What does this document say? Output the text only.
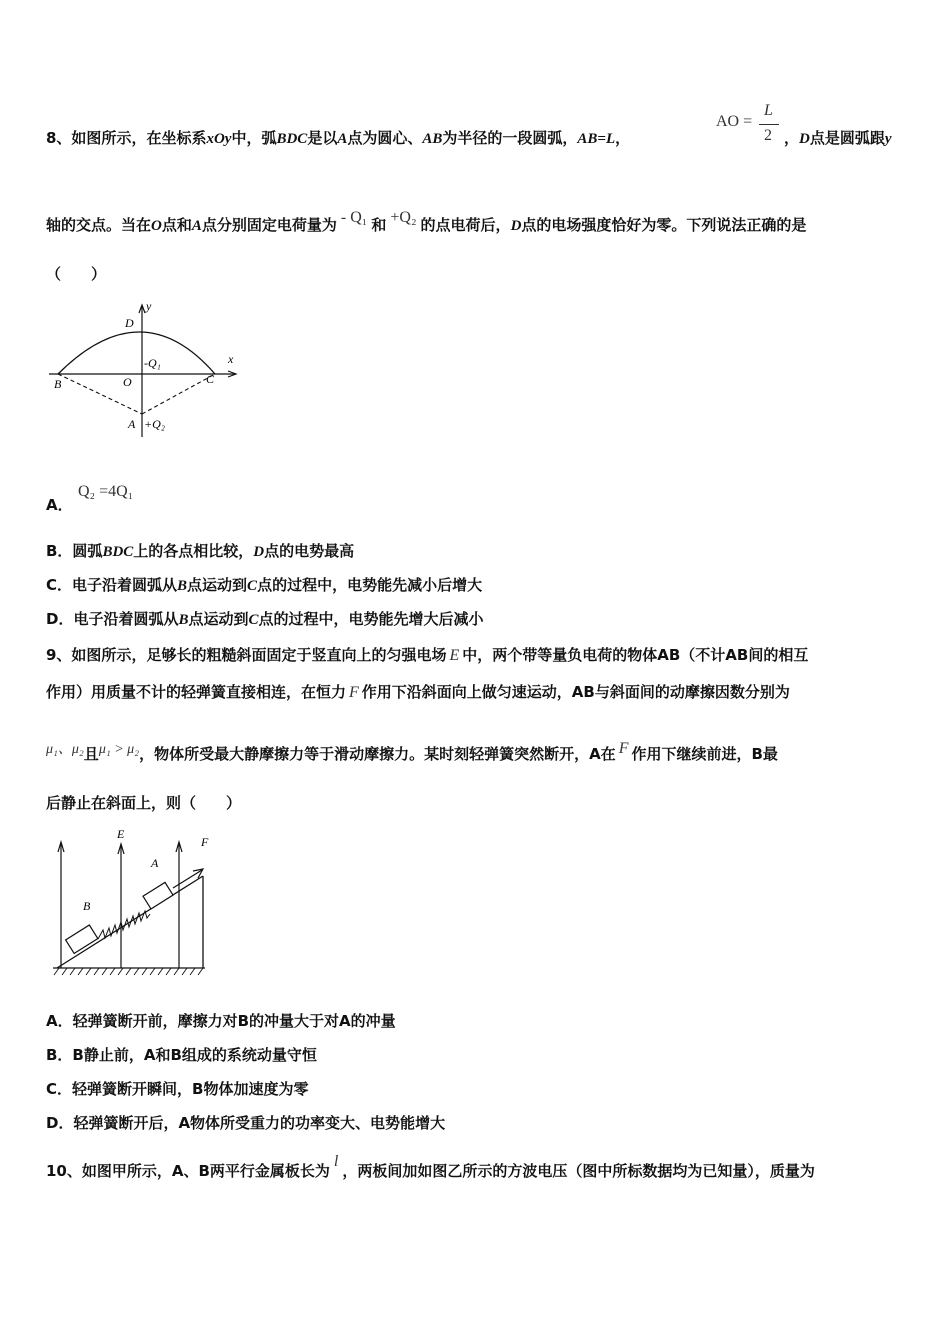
8、如图所示，在坐标系xOy中，弧BDC是以A点为圆心、AB为半径的一段圆弧，AB=L，
AO =
L
2 ，D点是圆弧跟y
轴的交点。当在O点和A点分别固定电荷量为 - Q₁ 和 +Q₂ 的点电荷后，D点的电场强度恰好为零。下列说法正确的是
（　　）
D
y
x
B	O	C
A
-Q₁
+Q₂
A．
Q₂ =4Q₁
B．圆弧BDC上的各点相比较，D点的电势最高
C．电子沿着圆弧从B点运动到C点的过程中，电势能先减小后增大
D．电子沿着圆弧从B点运动到C点的过程中，电势能先增大后减小
9、如图所示，足够长的粗糙斜面固定于竖直向上的匀强电场 E 中，两个带等量负电荷的物体AB（不计AB间的相互
作用）用质量不计的轻弹簧直接相连，在恒力 F 作用下沿斜面向上做匀速运动，AB与斜面间的动摩擦因数分别为
μ₁、μ₂且μ₁ > μ₂，物体所受最大静摩擦力等于滑动摩擦力。某时刻轻弹簧突然断开，A在 F 作用下继续前进，B最
后静止在斜面上，则（　　）
E
F
A
B
A．轻弹簧断开前，摩擦力对B的冲量大于对A的冲量
B．B静止前，A和B组成的系统动量守恒
C．轻弹簧断开瞬间，B物体加速度为零
D．轻弹簧断开后，A物体所受重力的功率变大、电势能增大
10、如图甲所示，A、B两平行金属板长为l，两板间加如图乙所示的方波电压（图中所标数据均为已知量），质量为
